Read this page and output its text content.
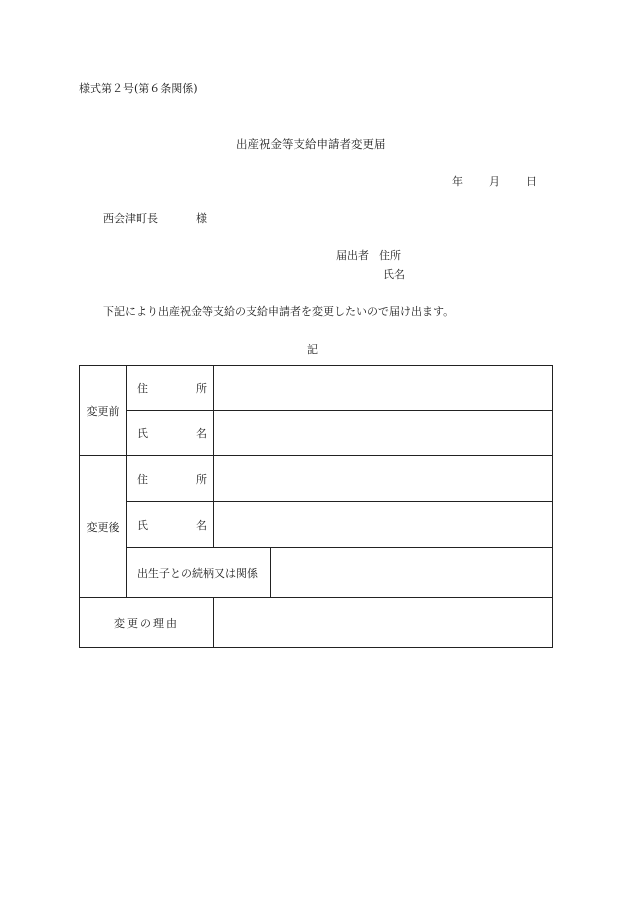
様式第２号(第６条関係)
出産祝金等支給申請者変更届
年 月 日
西会津町長	様
届出者 住所
氏名
下記により出産祝金等支給の支給申請者を変更したいので届け出ます。
記
変更前	住 所		

	氏 名		

変更後	住 所		

	氏 名		

	出生子との続柄又は関係		
変更の理由			
